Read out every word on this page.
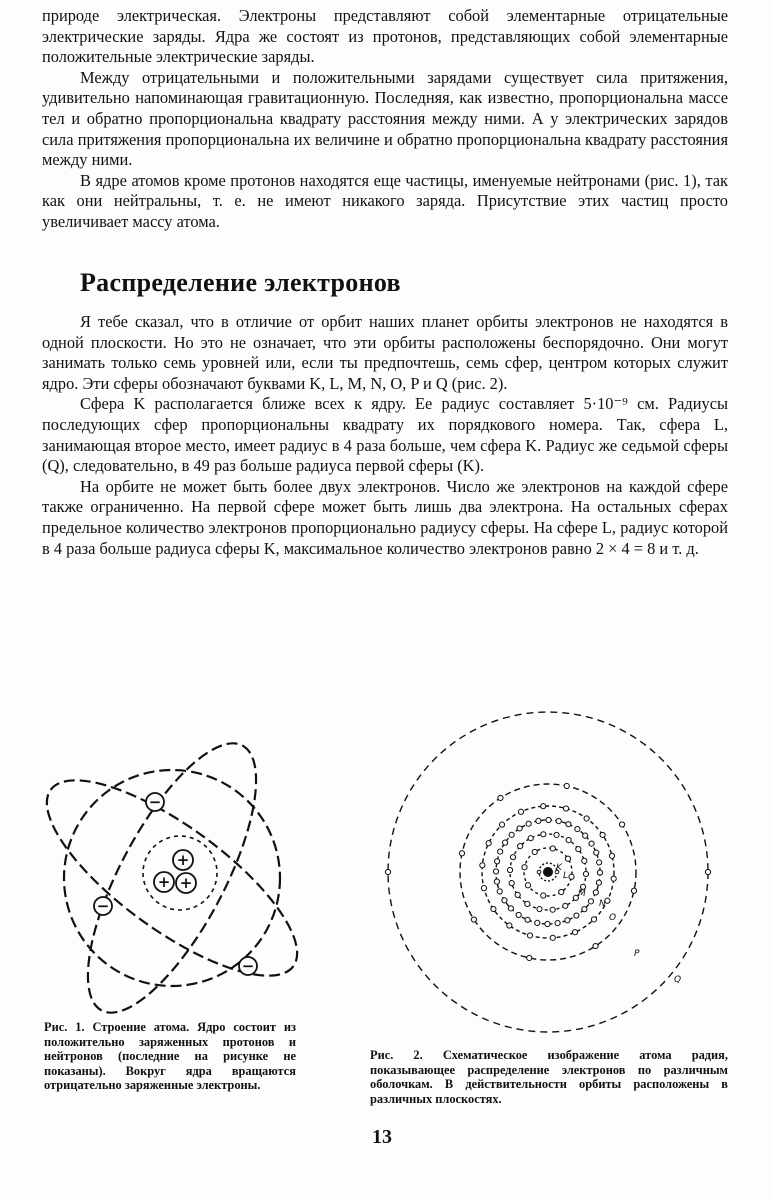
природе электрическая. Электроны представляют собой элементарные отрицательные электрические заряды. Ядра же состоят из протонов, представляющих собой элементарные положительные электрические заряды.

Между отрицательными и положительными зарядами существует сила притяжения, удивительно напоминающая гравитационную. Последняя, как известно, пропорциональна массе тел и обратно пропорциональна квадрату расстояния между ними. А у электрических зарядов сила притяжения пропорциональна их величине и обратно пропорциональна квадрату расстояния между ними.

В ядре атомов кроме протонов находятся еще частицы, именуемые нейтронами (рис. 1), так как они нейтральны, т. е. не имеют никакого заряда. Присутствие этих частиц просто увеличивает массу атома.

Распределение электронов

Я тебе сказал, что в отличие от орбит наших планет орбиты электронов не находятся в одной плоскости. Но это не означает, что эти орбиты расположены беспорядочно. Они могут занимать только семь уровней или, если ты предпочтешь, семь сфер, центром которых служит ядро. Эти сферы обозначают буквами K, L, M, N, O, P и Q (рис. 2).

Сфера K располагается ближе всех к ядру. Ее радиус составляет 5·10⁻⁹ см. Радиусы последующих сфер пропорциональны квадрату их порядкового номера. Так, сфера L, занимающая второе место, имеет радиус в 4 раза больше, чем сфера K. Радиус же седьмой сферы (Q), следовательно, в 49 раз больше радиуса первой сферы (K).

На орбите не может быть более двух электронов. Число же электронов на каждой сфере также ограниченно. На первой сфере может быть лишь два электрона. На остальных сферах предельное количество электронов пропорционально радиусу сферы. На сфере L, радиус которой в 4 раза больше радиуса сферы K, максимальное количество электронов равно 2 × 4 = 8 и т. д.

+
+ +
−
−
−
Рис. 1. Строение атома. Ядро состоит из положительно заряженных протонов и нейтронов (последние на рисунке не показаны). Вокруг ядра вращаются отрицательно заряженные электроны.
K
L
M
N
O
P
Q
Рис. 2. Схематическое изображение атома радия, показывающее распределение электронов по различным оболочкам. В действительности орбиты расположены в различных плоскостях.
13
